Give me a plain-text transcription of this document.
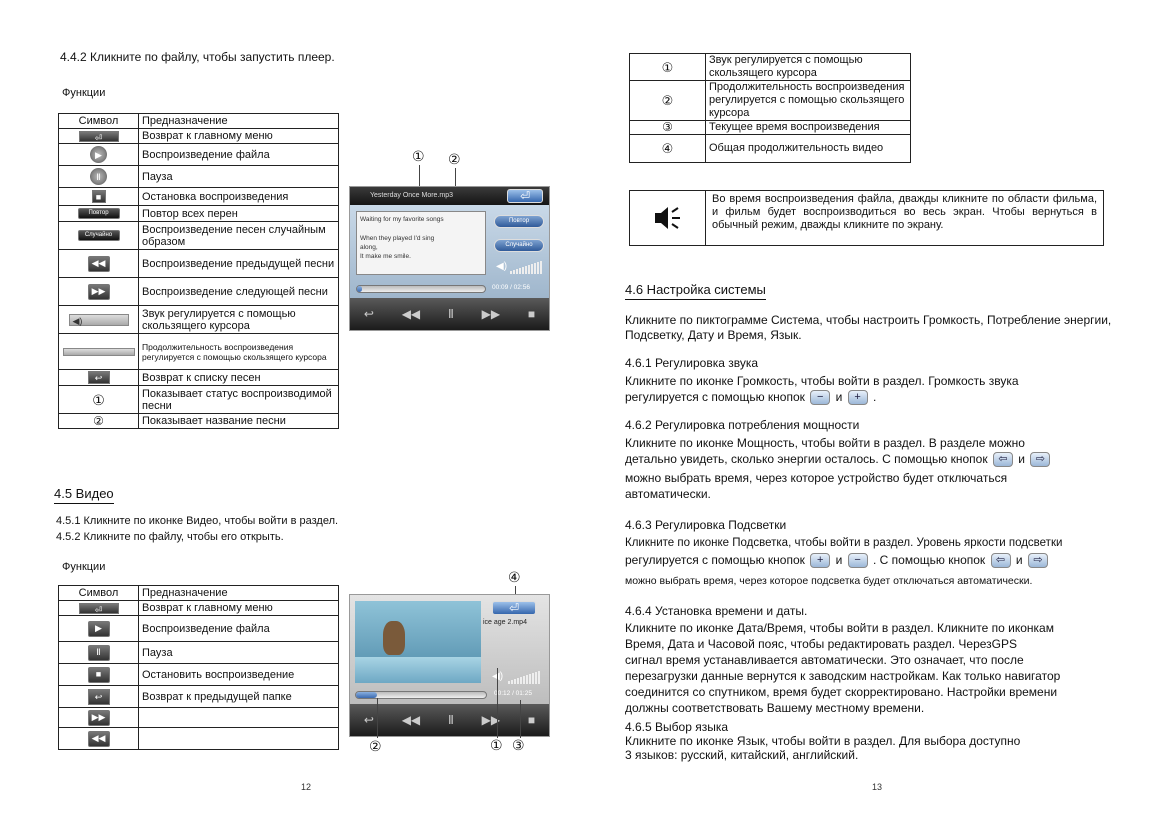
4.4.2 Кликните по файлу, чтобы запустить плеер.
Функции
Символ	Предназначение
⏎	Возврат к главному меню
▶	Воспроизведение файла
Ⅱ	Пауза
■	Остановка воспроизведения
Повтор	Повтор всех перен
Случайно	Воспроизведение песен случайным образом
◀◀	Воспроизведение предыдущей песни
▶▶	Воспроизведение следующей песни
◀)	Звук регулируется с помощью скользящего курсора
	Продолжительность воспроизведения регулируется с помощью скользящего курсора
↩	Возврат к списку песен
①	Показывает статус воспроизводимой песни
②	Показывает название песни
① ②
Yesterday Once More.mp3	⏎
Waiting for my favorite songs
When they played I'd sing
along,
It make me smile.
Повтор
Случайно
◀)
00:09 / 02:56
↩ ◀◀ Ⅱ ▶▶ ■
4.5 Видео
4.5.1 Кликните по иконке Видео, чтобы войти в раздел.
4.5.2 Кликните по файлу, чтобы его открыть.
Функции
Символ	Предназначение
⏎	Возврат к главному меню
▶	Воспроизведение файла
Ⅱ	Пауза
■	Остановить воспроизведение
↩	Возврат к предыдущей папке
▶▶	
◀◀	
④
⏎
ice age 2.mp4
◀)
00:12 / 01:25
↩ ◀◀ Ⅱ ▶▶ ■
②	① ③
12
①	Звук регулируется с помощью скользящего курсора
②	Продолжительность воспроизведения регулируется с помощью скользящего курсора
③	Текущее время воспроизведения
④	Общая продолжительность видео
Во время воспроизведения файла, дважды кликните по области фильма, и фильм будет воспроизводиться во весь экран. Чтобы вернуться в обычный режим, дважды кликните по экрану.
4.6 Настройка системы
Кликните по пиктограмме Система, чтобы настроить Громкость, Потребление энергии, Подсветку, Дату и Время, Язык.
4.6.1 Регулировка звука
Кликните по иконке Громкость, чтобы войти в раздел. Громкость звука
регулируется с помощью кнопок − и + .
4.6.2 Регулировка потребления мощности
Кликните по иконке Мощность, чтобы войти в раздел. В разделе можно
детально увидеть, сколько энергии осталось. С помощью кнопок ⇦ и ⇨
можно выбрать время, через которое устройство будет отключаться
автоматически.
4.6.3 Регулировка Подсветки
Кликните по иконке Подсветка, чтобы войти в раздел. Уровень яркости подсветки
регулируется с помощью кнопок + и − . С помощью кнопок ⇦ и ⇨
можно выбрать время, через которое подсветка будет отключаться автоматически.
4.6.4 Установка времени и даты.
Кликните по иконке Дата/Время, чтобы войти в раздел. Кликните по иконкам
Время, Дата и Часовой пояс, чтобы редактировать раздел. ЧерезGPS
сигнал время устанавливается автоматически. Это означает, что после
перезагрузки данные вернутся к заводским настройкам. Как только навигатор
соединится со спутником, время будет скорректировано. Настройки времени
должны соответствовать Вашему местному времени.
4.6.5 Выбор языка
Кликните по иконке Язык, чтобы войти в раздел. Для выбора доступно
3 языков: русский, китайский, английский.
13
